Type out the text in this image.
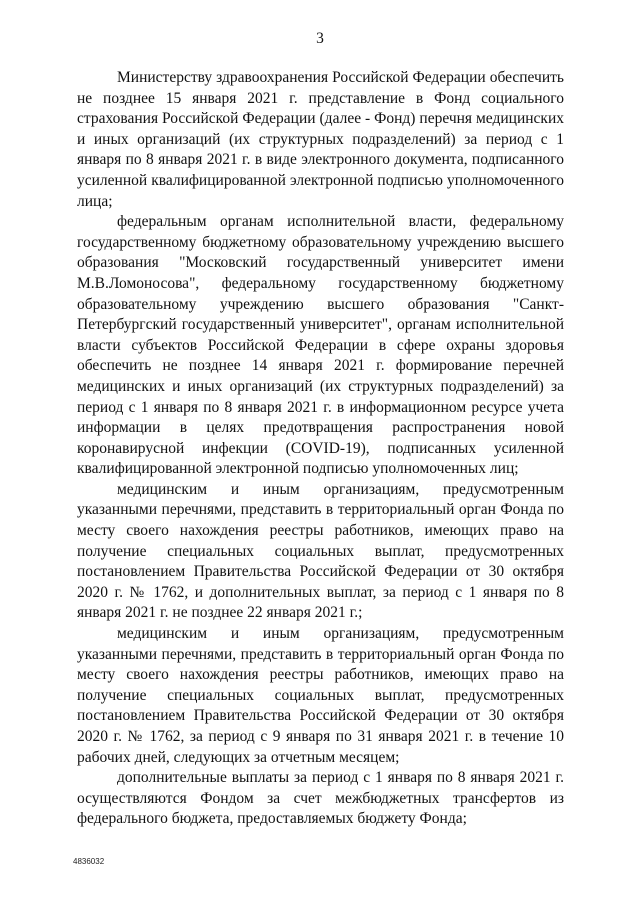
3

Министерству здравоохранения Российской Федерации обеспечить не позднее 15 января 2021 г. представление в Фонд социального страхования Российской Федерации (далее - Фонд) перечня медицинских и иных организаций (их структурных подразделений) за период с 1 января по 8 января 2021 г. в виде электронного документа, подписанного усиленной квалифицированной электронной подписью уполномоченного лица;

федеральным органам исполнительной власти, федеральному государственному бюджетному образовательному учреждению высшего образования "Московский государственный университет имени М.В.Ломоносова", федеральному государственному бюджетному образовательному учреждению высшего образования "Санкт-Петербургский государственный университет", органам исполнительной власти субъектов Российской Федерации в сфере охраны здоровья обеспечить не позднее 14 января 2021 г. формирование перечней медицинских и иных организаций (их структурных подразделений) за период с 1 января по 8 января 2021 г. в информационном ресурсе учета информации в целях предотвращения распространения новой коронавирусной инфекции (COVID-19), подписанных усиленной квалифицированной электронной подписью уполномоченных лиц;

медицинским и иным организациям, предусмотренным указанными перечнями, представить в территориальный орган Фонда по месту своего нахождения реестры работников, имеющих право на получение специальных социальных выплат, предусмотренных постановлением Правительства Российской Федерации от 30 октября 2020 г. № 1762, и дополнительных выплат, за период с 1 января по 8 января 2021 г. не позднее 22 января 2021 г.;

медицинским и иным организациям, предусмотренным указанными перечнями, представить в территориальный орган Фонда по месту своего нахождения реестры работников, имеющих право на получение специальных социальных выплат, предусмотренных постановлением Правительства Российской Федерации от 30 октября 2020 г. № 1762, за период с 9 января по 31 января 2021 г. в течение 10 рабочих дней, следующих за отчетным месяцем;

дополнительные выплаты за период с 1 января по 8 января 2021 г. осуществляются Фондом за счет межбюджетных трансфертов из федерального бюджета, предоставляемых бюджету Фонда;

4836032
